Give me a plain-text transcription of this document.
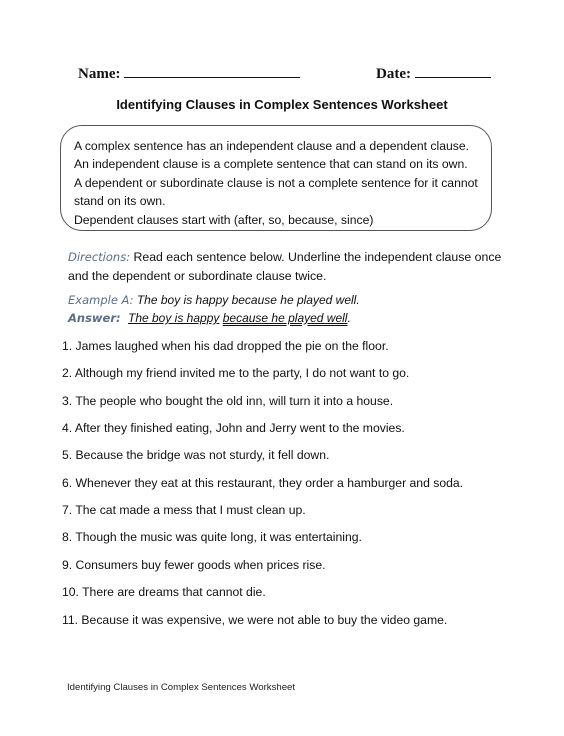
Name:	Date:
Identifying Clauses in Complex Sentences Worksheet
A complex sentence has an independent clause and a dependent clause.
An independent clause is a complete sentence that can stand on its own.
A dependent or subordinate clause is not a complete sentence for it cannot
stand on its own.
Dependent clauses start with (after, so, because, since)
Directions: Read each sentence below. Underline the independent clause once
and the dependent or subordinate clause twice.
Example A: The boy is happy because he played well.
Answer: The boy is happy because he played well.
1. James laughed when his dad dropped the pie on the floor.
2. Although my friend invited me to the party, I do not want to go.
3. The people who bought the old inn, will turn it into a house.
4. After they finished eating, John and Jerry went to the movies.
5. Because the bridge was not sturdy, it fell down.
6. Whenever they eat at this restaurant, they order a hamburger and soda.
7. The cat made a mess that I must clean up.
8. Though the music was quite long, it was entertaining.
9. Consumers buy fewer goods when prices rise.
10. There are dreams that cannot die.
11. Because it was expensive, we were not able to buy the video game.
Identifying Clauses in Complex Sentences Worksheet
